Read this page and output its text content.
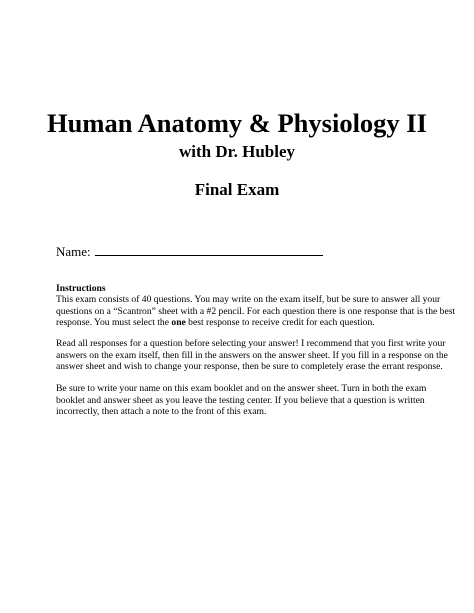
Human Anatomy & Physiology II
with Dr. Hubley
Final Exam
Name:
Instructions
This exam consists of 40 questions. You may write on the exam itself, but be sure to answer all your
questions on a “Scantron” sheet with a #2 pencil. For each question there is one response that is the best
response. You must select the one best response to receive credit for each question.
Read all responses for a question before selecting your answer! I recommend that you first write your
answers on the exam itself, then fill in the answers on the answer sheet. If you fill in a response on the
answer sheet and wish to change your response, then be sure to completely erase the errant response.
Be sure to write your name on this exam booklet and on the answer sheet. Turn in both the exam
booklet and answer sheet as you leave the testing center. If you believe that a question is written
incorrectly, then attach a note to the front of this exam.
